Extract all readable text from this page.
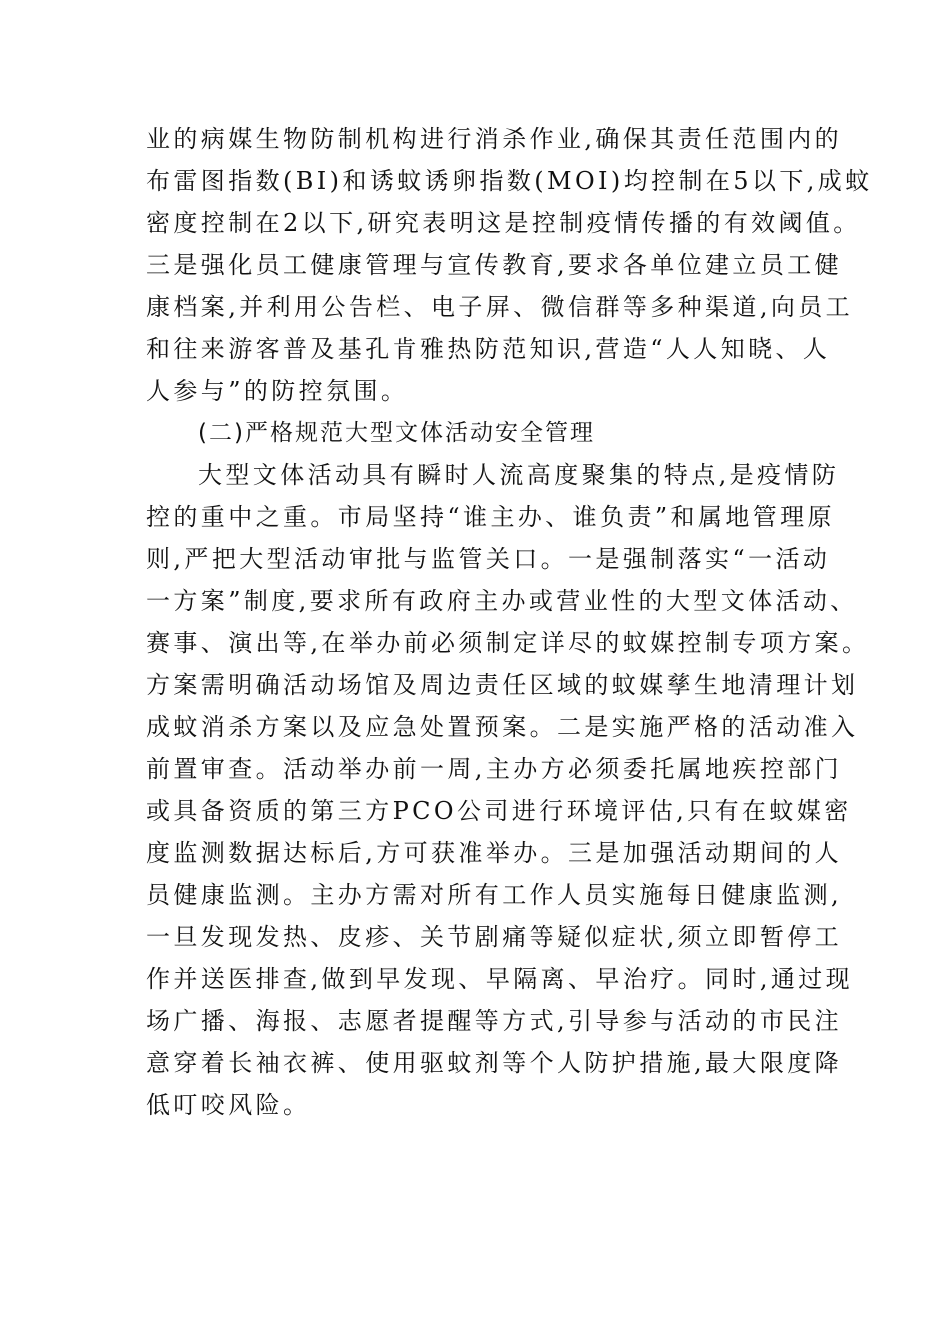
业的病媒生物防制机构进行消杀作业,确保其责任范围内的
布雷图指数(BI)和诱蚊诱卵指数(MOI)均控制在5以下,成蚊
密度控制在2以下,研究表明这是控制疫情传播的有效阈值。
三是强化员工健康管理与宣传教育,要求各单位建立员工健
康档案,并利用公告栏、电子屏、微信群等多种渠道,向员工
和往来游客普及基孔肯雅热防范知识,营造“人人知晓、人
人参与”的防控氛围。
(二)严格规范大型文体活动安全管理
大型文体活动具有瞬时人流高度聚集的特点,是疫情防
控的重中之重。市局坚持“谁主办、谁负责”和属地管理原
则,严把大型活动审批与监管关口。一是强制落实“一活动
一方案”制度,要求所有政府主办或营业性的大型文体活动、
赛事、演出等,在举办前必须制定详尽的蚊媒控制专项方案。
方案需明确活动场馆及周边责任区域的蚊媒孳生地清理计划
成蚊消杀方案以及应急处置预案。二是实施严格的活动准入
前置审查。活动举办前一周,主办方必须委托属地疾控部门
或具备资质的第三方PCO公司进行环境评估,只有在蚊媒密
度监测数据达标后,方可获准举办。三是加强活动期间的人
员健康监测。主办方需对所有工作人员实施每日健康监测,
一旦发现发热、皮疹、关节剧痛等疑似症状,须立即暂停工
作并送医排查,做到早发现、早隔离、早治疗。同时,通过现
场广播、海报、志愿者提醒等方式,引导参与活动的市民注
意穿着长袖衣裤、使用驱蚊剂等个人防护措施,最大限度降
低叮咬风险。
